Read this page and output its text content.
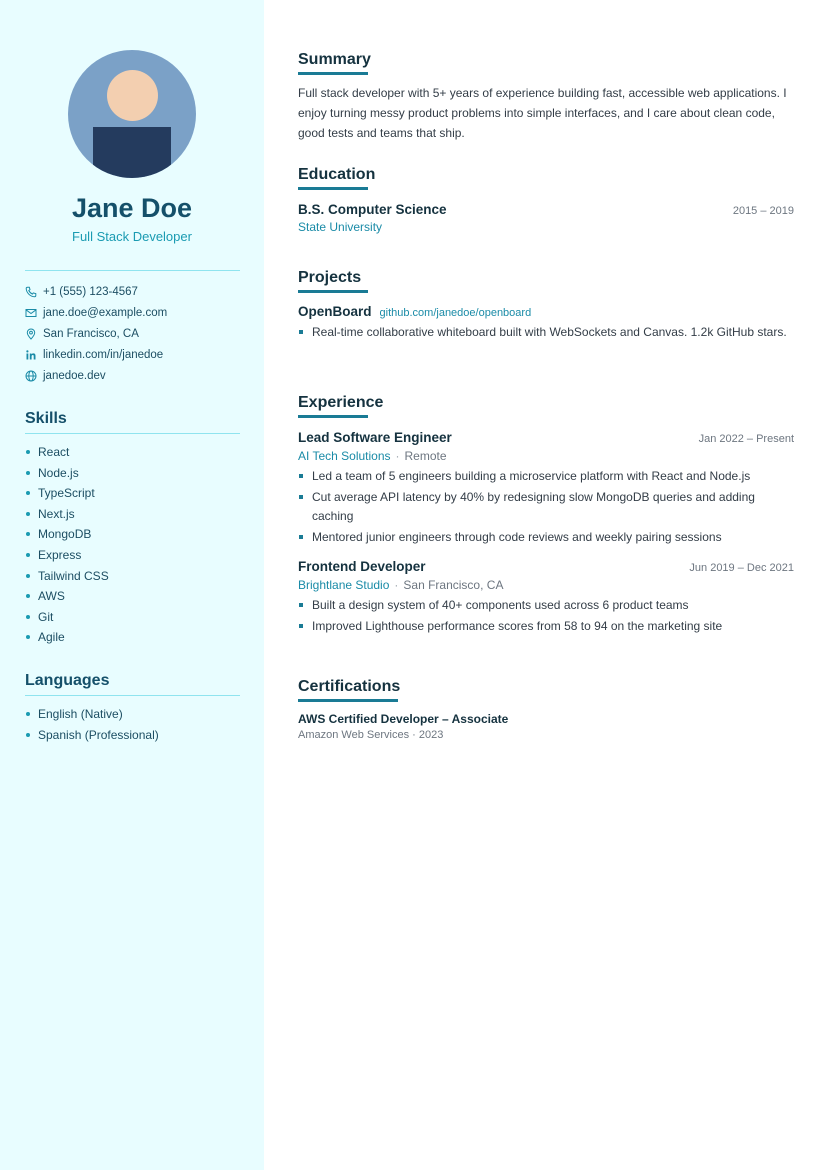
Jane Doe
Full Stack Developer
+1 (555) 123-4567
jane.doe@example.com
San Francisco, CA
linkedin.com/in/janedoe
janedoe.dev
Skills
React
Node.js
TypeScript
Next.js
MongoDB
Express
Tailwind CSS
AWS
Git
Agile
Languages
English (Native)
Spanish (Professional)
Summary
Full stack developer with 5+ years of experience building fast, accessible web applications. I enjoy turning messy product problems into simple interfaces, and I care about clean code, good tests and teams that ship.
Education
B.S. Computer Science	2015 – 2019
State University
Projects
OpenBoard github.com/janedoe/openboard
Real-time collaborative whiteboard built with WebSockets and Canvas. 1.2k GitHub stars.
Experience
Lead Software Engineer	Jan 2022 – Present
AI Tech Solutions · Remote
Led a team of 5 engineers building a microservice platform with React and Node.js
Cut average API latency by 40% by redesigning slow MongoDB queries and adding caching
Mentored junior engineers through code reviews and weekly pairing sessions
Frontend Developer	Jun 2019 – Dec 2021
Brightlane Studio · San Francisco, CA
Built a design system of 40+ components used across 6 product teams
Improved Lighthouse performance scores from 58 to 94 on the marketing site
Certifications
AWS Certified Developer – Associate
Amazon Web Services · 2023
